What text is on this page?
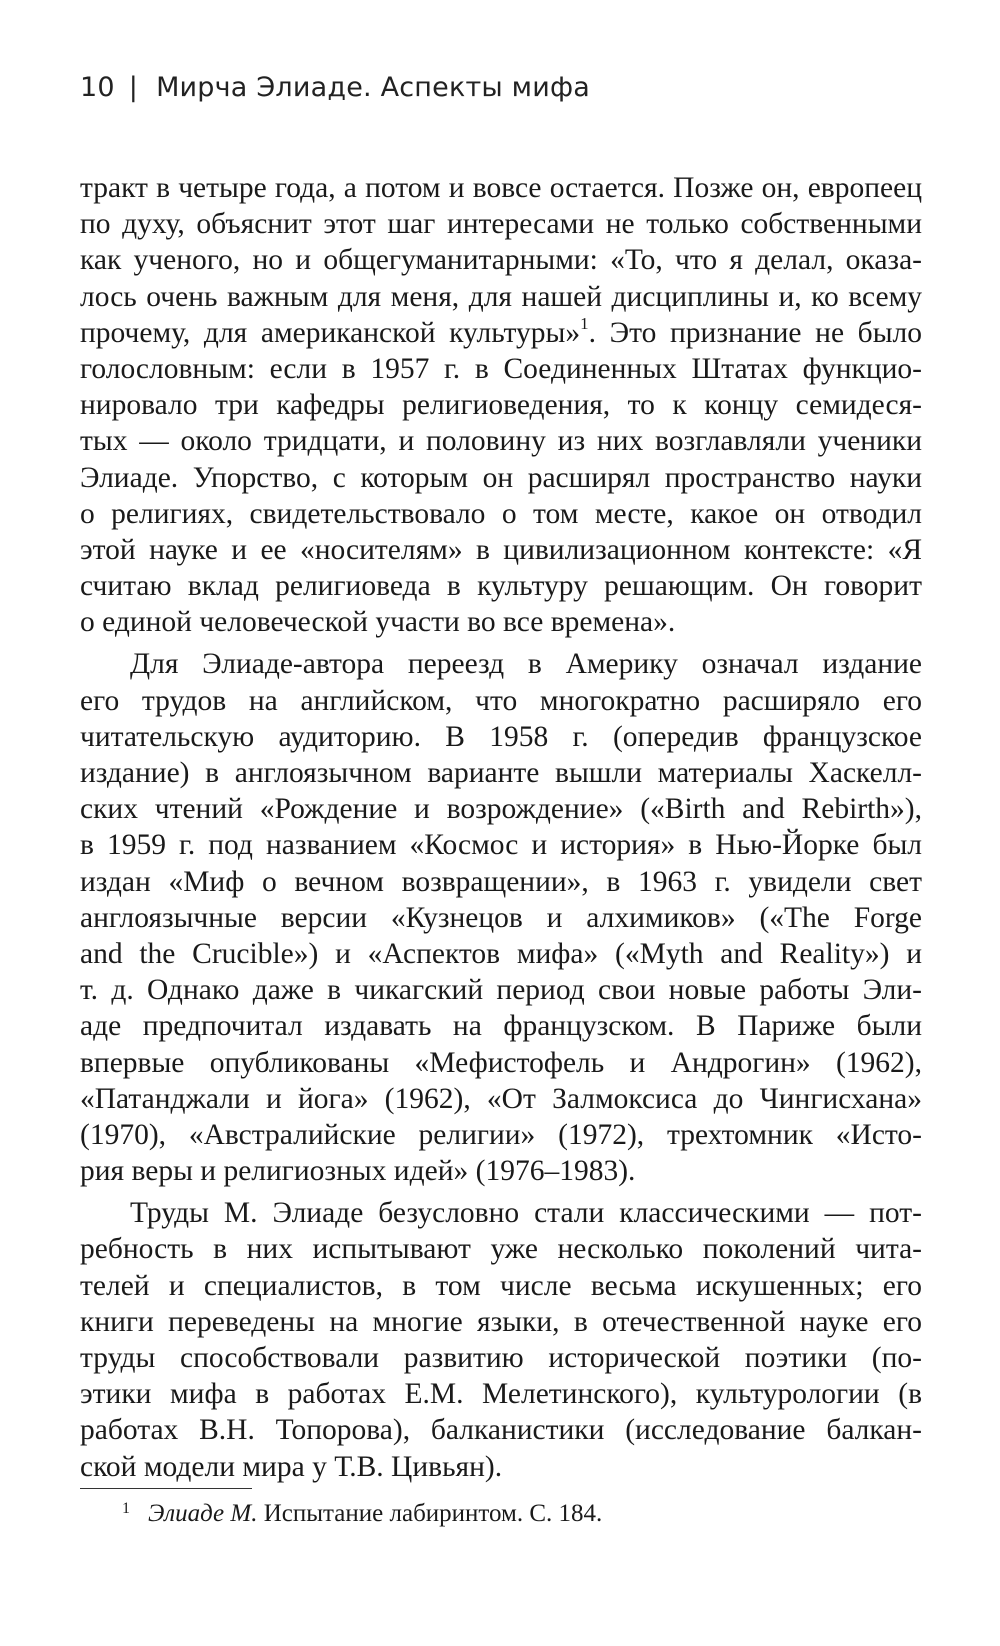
10 | Мирча Элиаде. Аспекты мифа
тракт в четыре года, а потом и вовсе остается. Позже он, европеец
по духу, объяснит этот шаг интересами не только собственными
как ученого, но и общегуманитарными: «То, что я делал, оказа-
лось очень важным для меня, для нашей дисциплины и, ко всему
прочему, для американской культуры»$^1$. Это признание не было
голословным: если в 1957 г. в Соединенных Штатах функцио-
нировало три кафедры религиоведения, то к концу семидеся-
тых — около тридцати, и половину из них возглавляли ученики
Элиаде. Упорство, с которым он расширял пространство науки
о религиях, свидетельствовало о том месте, какое он отводил
этой науке и ее «носителям» в цивилизационном контексте: «Я
считаю вклад религиоведа в культуру решающим. Он говорит
о единой человеческой участи во все времена».
Для Элиаде-автора переезд в Америку означал издание
его трудов на английском, что многократно расширяло его
читательскую аудиторию. В 1958 г. (опередив французское
издание) в англоязычном варианте вышли материалы Хаскелл-
ских чтений «Рождение и возрождение» («Birth and Rebirth»),
в 1959 г. под названием «Космос и история» в Нью-Йорке был
издан «Миф о вечном возвращении», в 1963 г. увидели свет
англоязычные версии «Кузнецов и алхимиков» («The Forge
and the Crucible») и «Аспектов мифа» («Myth and Reality») и
т. д. Однако даже в чикагский период свои новые работы Эли-
аде предпочитал издавать на французском. В Париже были
впервые опубликованы «Мефистофель и Андрогин» (1962),
«Патанджали и йога» (1962), «От Залмоксиса до Чингисхана»
(1970), «Австралийские религии» (1972), трехтомник «Исто-
рия веры и религиозных идей» (1976–1983).
Труды М. Элиаде безусловно стали классическими — пот-
ребность в них испытывают уже несколько поколений чита-
телей и специалистов, в том числе весьма искушенных; его
книги переведены на многие языки, в отечественной науке его
труды способствовали развитию исторической поэтики (по-
этики мифа в работах Е.М. Мелетинского), культурологии (в
работах В.Н. Топорова), балканистики (исследование балкан-
ской модели мира у Т.В. Цивьян).
$^1$ Элиаде М. Испытание лабиринтом. С. 184.
